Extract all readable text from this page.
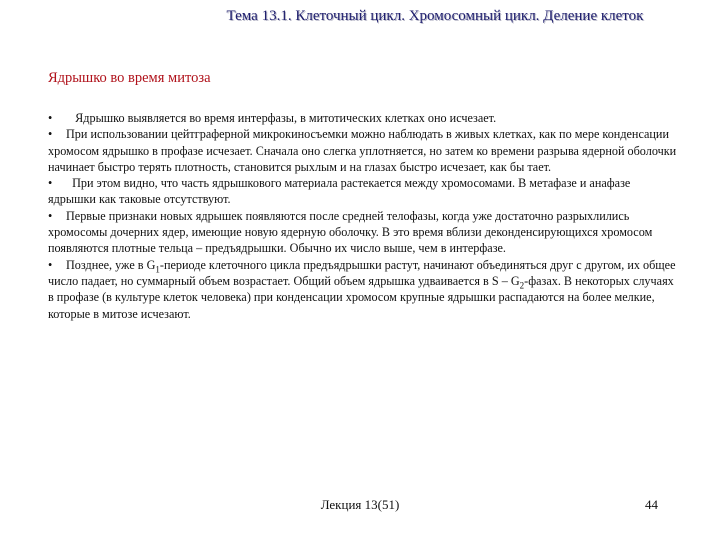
Тема 13.1. Клеточный цикл. Хромосомный цикл. Деление клеток
Ядрышко во время митоза

•   Ядрышко выявляется во время интерфазы, в митотических клетках оно исчезает.

• При использовании цейтграферной микрокиносъемки можно наблюдать в живых клетках, как по мере конденсации хромосом ядрышко в профазе исчезает. Сначала оно слегка уплотняется, но затем ко времени разрыва ядерной оболочки начинает быстро терять плотность, становится рыхлым и на глазах быстро исчезает, как бы тает.

•  При этом видно, что часть ядрышкового материала растекается между хромосомами. В метафазе и анафазе ядрышки как таковые отсутствуют.

• Первые признаки новых ядрышек появляются после средней телофазы, когда уже достаточно разрыхлились хромосомы дочерних ядер, имеющие новую ядерную оболочку. В это время вблизи деконденсирующихся хромосом появляются плотные тельца – предъядрышки. Обычно их число выше, чем в интерфазе.

• Позднее, уже в $G_1$-периоде клеточного цикла предъядрышки растут, начинают объединяться друг с другом, их общее число падает, но суммарный объем возрастает. Общий объем ядрышка удваивается в S – $G_2$-фазах. В некоторых случаях в профазе (в культуре клеток человека) при конденсации хромосом крупные ядрышки распадаются на более мелкие, которые в митозе исчезают.

Лекция 13(51)	44
